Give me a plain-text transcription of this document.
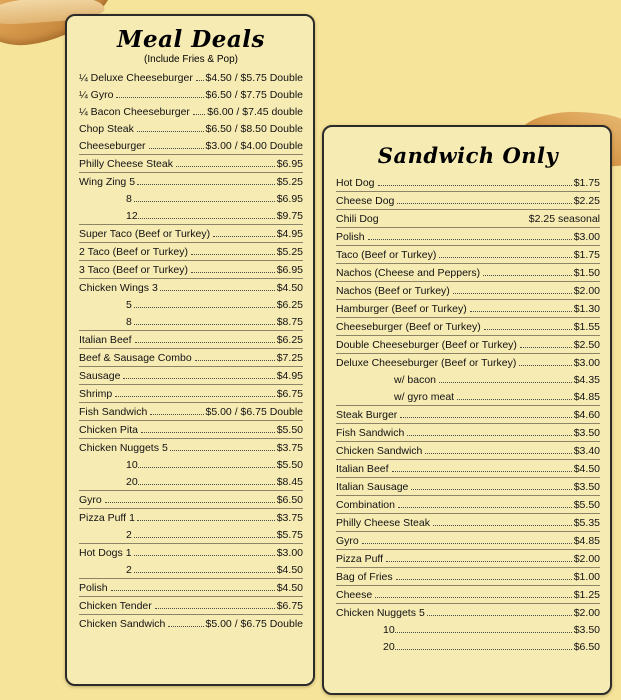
Meal Deals
(Include Fries & Pop)
¼ Deluxe Cheeseburger $4.50 / $5.75 Double
¼ Gyro	$6.50 / $7.75 Double
¼ Bacon Cheeseburger $6.00 / $7.45 double
Chop Steak	$6.50 / $8.50 Double
Cheeseburger	$3.00 / $4.00 Double
Philly Cheese Steak	$6.95
Wing Zing 5	$5.25
8	$6.95
12	$9.75
Super Taco (Beef or Turkey)	$4.95
2 Taco (Beef or Turkey)	$5.25
3 Taco (Beef or Turkey)	$6.95
Chicken Wings 3	$4.50
5	$6.25
8	$8.75
Italian Beef	$6.25
Beef & Sausage Combo	$7.25
Sausage	$4.95
Shrimp	$6.75
Fish Sandwich	$5.00 / $6.75 Double
Chicken Pita	$5.50
Chicken Nuggets 5	$3.75
10	$5.50
20	$8.45
Gyro	$6.50
Pizza Puff 1	$3.75
2	$5.75
Hot Dogs 1	$3.00
2	$4.50
Polish	$4.50
Chicken Tender	$6.75
Chicken Sandwich	$5.00 / $6.75 Double
Sandwich Only
Hot Dog	$1.75
Cheese Dog	$2.25
Chili Dog	$2.25 seasonal
Polish	$3.00
Taco (Beef or Turkey)	$1.75
Nachos (Cheese and Peppers)	$1.50
Nachos (Beef or Turkey)	$2.00
Hamburger (Beef or Turkey)	$1.30
Cheeseburger (Beef or Turkey)	$1.55
Double Cheeseburger (Beef or Turkey)	$2.50
Deluxe Cheeseburger (Beef or Turkey)	$3.00
w/ bacon	$4.35
w/ gyro meat	$4.85
Steak Burger	$4.60
Fish Sandwich	$3.50
Chicken Sandwich	$3.40
Italian Beef	$4.50
Italian Sausage	$3.50
Combination	$5.50
Philly Cheese Steak	$5.35
Gyro	$4.85
Pizza Puff	$2.00
Bag of Fries	$1.00
Cheese	$1.25
Chicken Nuggets 5	$2.00
10	$3.50
20	$6.50
